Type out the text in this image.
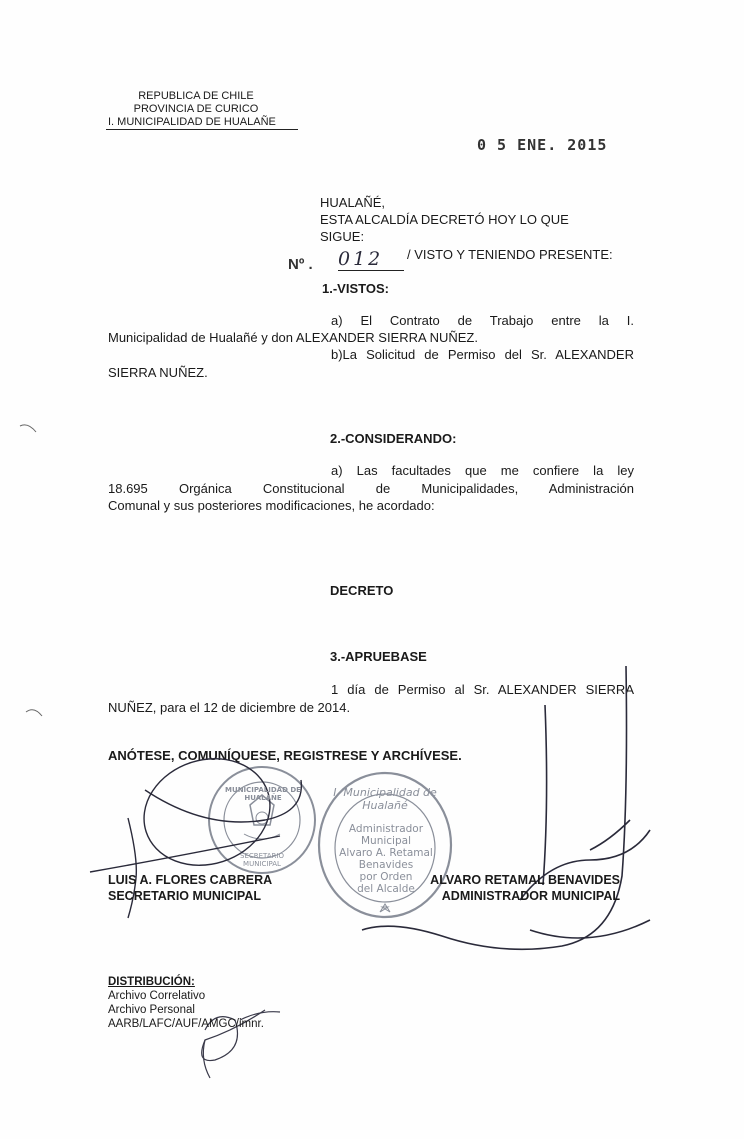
REPUBLICA DE CHILE
PROVINCIA DE CURICO
I. MUNICIPALIDAD DE HUALAÑE
0 5 ENE. 2015
HUALAÑÉ,
ESTA ALCALDÍA DECRETÓ HOY LO QUE
SIGUE:
Nº . 012	/ VISTO Y TENIENDO PRESENTE:
1.-VISTOS:
a) El Contrato de Trabajo entre la I.
Municipalidad de Hualañé y don ALEXANDER SIERRA NUÑEZ.
b)La Solicitud de Permiso del Sr. ALEXANDER
SIERRA NUÑEZ.
2.-CONSIDERANDO:
a) Las facultades que me confiere la ley
18.695 Orgánica Constitucional de Municipalidades, Administración
Comunal y sus posteriores modificaciones, he acordado:
DECRETO
3.-APRUEBASE
1 día de Permiso al Sr. ALEXANDER SIERRA
NUÑEZ, para el 12 de diciembre de 2014.
ANÓTESE, COMUNÍQUESE, REGISTRESE Y ARCHÍVESE.
MUNICIPALIDAD DE HUALAÑE
SECRETARIO MUNICIPAL
I. Municipalidad de Hualañé
Administrador
Municipal
Alvaro A. Retamal
Benavides
por Orden
del Alcalde
LUIS A. FLORES CABRERA
SECRETARIO MUNICIPAL
ALVARO RETAMAL BENAVIDES
ADMINISTRADOR MUNICIPAL
DISTRIBUCIÓN:
Archivo Correlativo
Archivo Personal
AARB/LAFC/AUF/AMGC/imnr.
